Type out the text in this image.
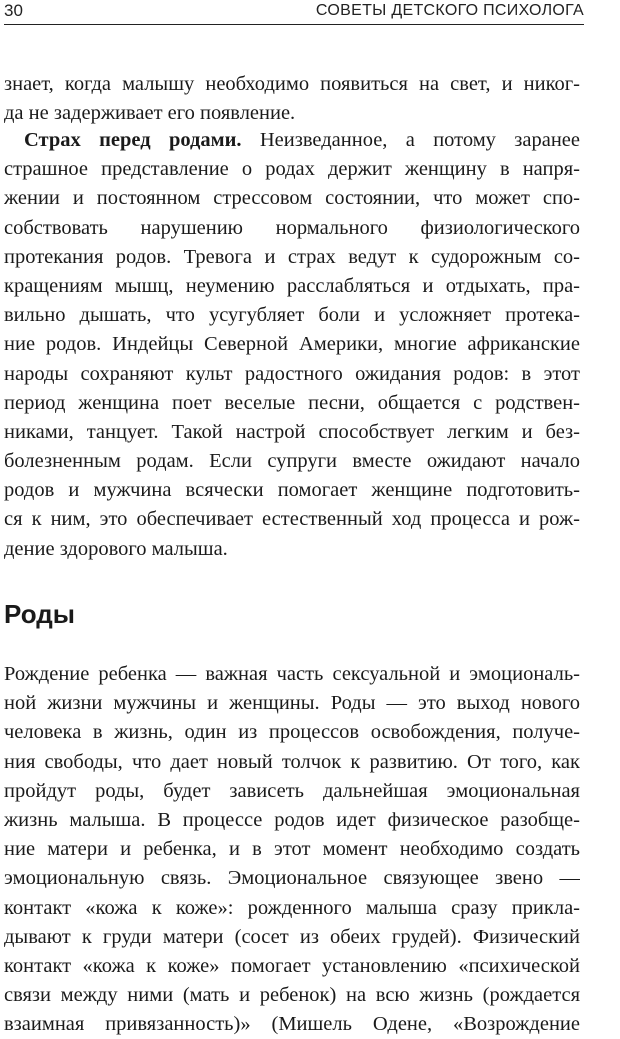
30	СОВЕТЫ ДЕТСКОГО ПСИХОЛОГА

знает, когда малышу необходимо появиться на свет, и никог-
да не задерживает его появление.

Страх перед родами. Неизведанное, а потому заранее
страшное представление о родах держит женщину в напря-
жении и постоянном стрессовом состоянии, что может спо-
собствовать нарушению нормального физиологического
протекания родов. Тревога и страх ведут к судорожным со-
кращениям мышц, неумению расслабляться и отдыхать, пра-
вильно дышать, что усугубляет боли и усложняет протека-
ние родов. Индейцы Северной Америки, многие африканские
народы сохраняют культ радостного ожидания родов: в этот
период женщина поет веселые песни, общается с родствен-
никами, танцует. Такой настрой способствует легким и без-
болезненным родам. Если супруги вместе ожидают начало
родов и мужчина всячески помогает женщине подготовить-
ся к ним, это обеспечивает естественный ход процесса и рож-
дение здорового малыша.

Роды

Рождение ребенка — важная часть сексуальной и эмоциональ-
ной жизни мужчины и женщины. Роды — это выход нового
человека в жизнь, один из процессов освобождения, получе-
ния свободы, что дает новый толчок к развитию. От того, как
пройдут роды, будет зависеть дальнейшая эмоциональная
жизнь малыша. В процессе родов идет физическое разобще-
ние матери и ребенка, и в этот момент необходимо создать
эмоциональную связь. Эмоциональное связующее звено —
контакт «кожа к коже»: рожденного малыша сразу прикла-
дывают к груди матери (сосет из обеих грудей). Физический
контакт «кожа к коже» помогает установлению «психической
связи между ними (мать и ребенок) на всю жизнь (рождается
взаимная привязанность)» (Мишель Одене, «Возрождение
